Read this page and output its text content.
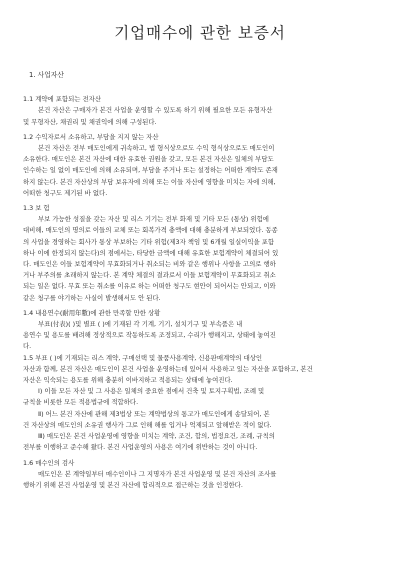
기업매수에 관한 보증서

1. 사업자산

1.1 계약에 포함되는 전자산

본건 자산은 구매자가 본건 사업을 운영할 수 있도록 하기 위해 필요한 모든 유형자산

및 무형자산, 채권리 및 채권익에 의해 구성된다.

1.2 수익자로서 소유하고, 부담을 지지 않는 자산

본건 자산은 전부 매도인에게 귀속하고, 법 형식상으로도 수익 형식상으로도 매도인이

소유한다. 매도인은 본건 자산에 대한 유효한 권원을 갖고, 모든 본건 자산은 일체의 부담도

인수하는 일 없이 매도인에 의해 소유되며, 부담을 주거나 또는 설정하는 어떠한 계약도 존재

하지 않는다. 본건 자산상의 부담 보유자에 의해 또는 이들 자산에 영향을 미치는 자에 의해,

어떠한 청구도 제기된 바 없다.

1.3 보 험

부보 가능한 성질을 갖는 자산 및 리스 기기는 전부 화재 및 기타 모든 (통상) 위험에

대비해, 매도인의 명의로 이들의 교체 또는 회복가격 충액에 대해 충분하게 부보되었다. 동종

의 사업을 경영하는 회사가 통상 부보하는 기타 위험(제3자 책임 및 6개월 일실이익을 포함

하나 이에 한정되지 않는다)의 점에서는, 타당한 금액에 대해 유효한 보험계약이 체결되어 있

다. 매도인은 이들 보험계약이 무효화되거나 취소되는 비와 같은 행위나 사항을 고의로 행하

거나 부주의를 초래하지 않는다. 본 계약 체결의 결과로서 이들 보험계약이 무효화되고 취소

되는 일은 없다. 무효 또는 취소를 이유로 하는 어떠한 청구도 현안이 되어서는 안되고, 이와

같은 청구를 야기하는 사실이 발생해서도 안 된다.

1.4 내용연수(耐用年數)에 관한 만족할 만한 상황

부표(付表)( )및 별표 ( )에 기재된 각 기계, 기기, 설치기구 및 부속품은 내

용연수 및 용도를 배려해 정상적으로 작동하도록 조정되고, 수리가 행해지고, 상태에 놓여진

다.

1.5 부표 ( )에 기재되는 리스 계약, 구매선택 및 물품사용계약, 신용판매계약의 대상인

자산과 함께, 본건 자산은 매도인이 본건 사업을 운영하는데 있어서 사용하고 있는 자산을 포함하고, 본건

자산은 익숙되는 용도를 위해 충분히 이바지하고 적용되는 상태에 놓여진다.

Ⅰ) 이들 모든 자산 및 그 사용은 일체의 중요한 점에서 건축 및 토지구획법, 조례 및

규칙을 비롯한 모든 적용법규에 적합하다.

Ⅱ) 어느 본건 자산에 관해 제3법상 또는 계약법상의 통고가 매도인에게 송달되어, 본

건 자산상의 매도인의 소유권 행사가 그로 인해 해를 입거나 억제되고 앞해받은 적이 없다.

Ⅲ) 매도인은 본건 사업운영에 영향을 미치는 계약, 조건, 합의, 법정요건, 조례, 규칙의

전부를 이행하고 준수해 왔다. 본건 사업운영의 사용은 여기에 위반하는 것이 아니다.

1.6 매수인의 검사

매도인은 본 계약일부터 매수인이나 그 지명자가 본건 사업운영 및 본건 자산의 조사를

행하기 위해 본건 사업운영 및 본건 자산에 합리적으로 접근하는 것을 인정한다.
